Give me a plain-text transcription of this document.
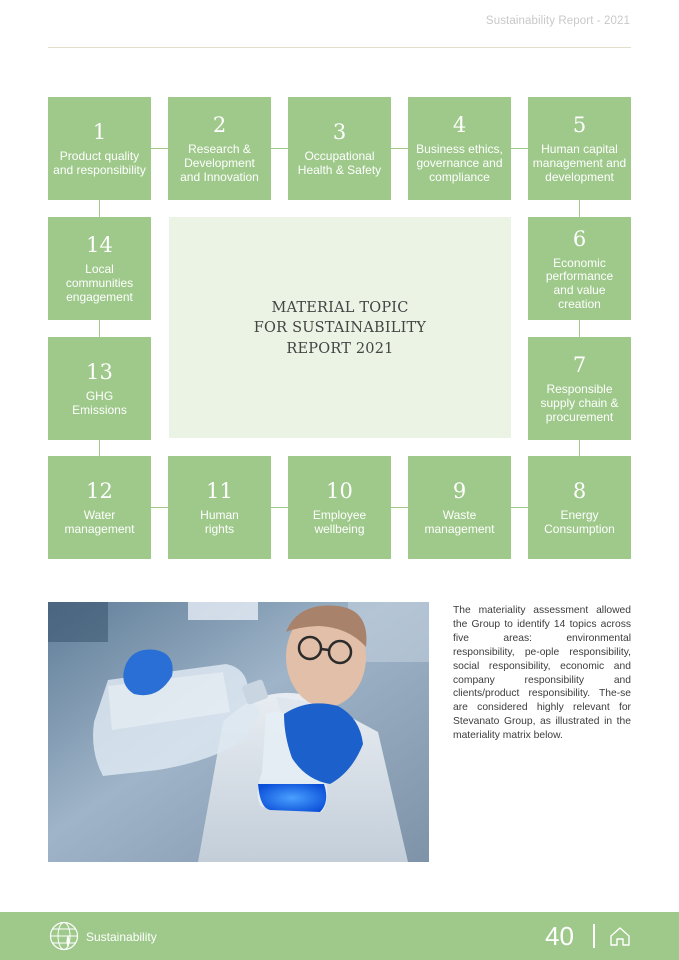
Sustainability Report - 2021
1
Product quality
and responsibility
2
Research &
Development
and Innovation
3
Occupational
Health & Safety
4
Business ethics,
governance and
compliance
5
Human capital
management and
development
6
Economic
performance
and value
creation
7
Responsible
supply chain &
procurement
8
Energy
Consumption
9
Waste
management
10
Employee
wellbeing
11
Human
rights
12
Water
management
13
GHG
Emissions
14
Local
communities
engagement
MATERIAL TOPIC
FOR SUSTAINABILITY
REPORT 2021

The materiality assessment allowed the Group to identify 14 topics across five areas: environmental responsibility, pe-ople responsibility, social responsibility, economic and company responsibility and clients/product responsibility. The-se are considered highly relevant for Stevanato Group, as illustrated in the materiality matrix below.

Sustainability	40
